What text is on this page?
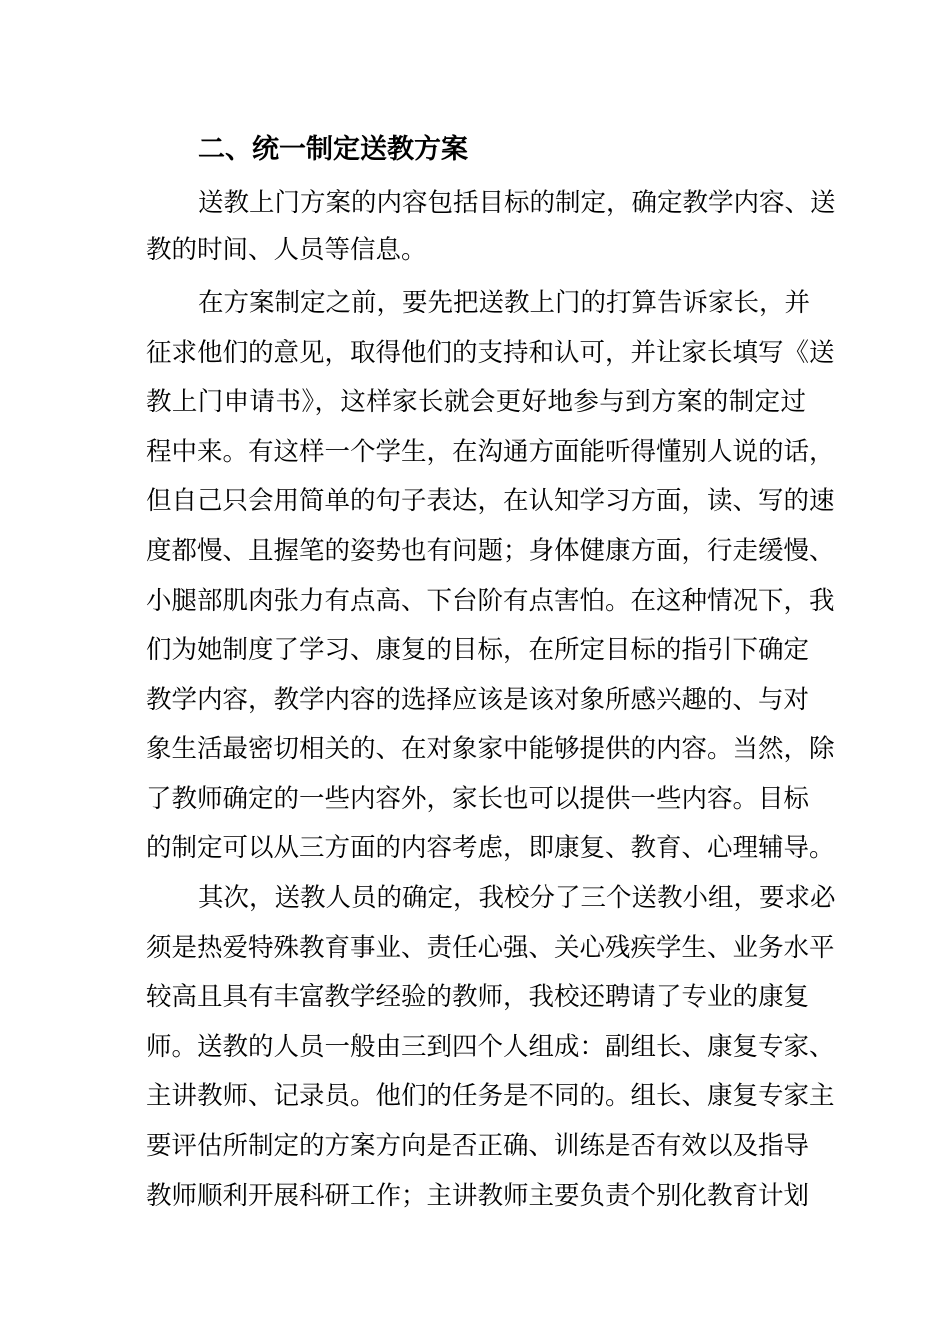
二、统一制定送教方案
送教上门方案的内容包括目标的制定，确定教学内容、送
教的时间、人员等信息。
在方案制定之前，要先把送教上门的打算告诉家长，并
征求他们的意见，取得他们的支持和认可，并让家长填写《送
教上门申请书》，这样家长就会更好地参与到方案的制定过
程中来。有这样一个学生，在沟通方面能听得懂别人说的话，
但自己只会用简单的句子表达，在认知学习方面，读、写的速
度都慢、且握笔的姿势也有问题；身体健康方面，行走缓慢、
小腿部肌肉张力有点高、下台阶有点害怕。在这种情况下，我
们为她制度了学习、康复的目标，在所定目标的指引下确定
教学内容，教学内容的选择应该是该对象所感兴趣的、与对
象生活最密切相关的、在对象家中能够提供的内容。当然，除
了教师确定的一些内容外，家长也可以提供一些内容。目标
的制定可以从三方面的内容考虑，即康复、教育、心理辅导。
其次，送教人员的确定，我校分了三个送教小组，要求必
须是热爱特殊教育事业、责任心强、关心残疾学生、业务水平
较高且具有丰富教学经验的教师，我校还聘请了专业的康复
师。送教的人员一般由三到四个人组成：副组长、康复专家、
主讲教师、记录员。他们的任务是不同的。组长、康复专家主
要评估所制定的方案方向是否正确、训练是否有效以及指导
教师顺利开展科研工作；主讲教师主要负责个别化教育计划
